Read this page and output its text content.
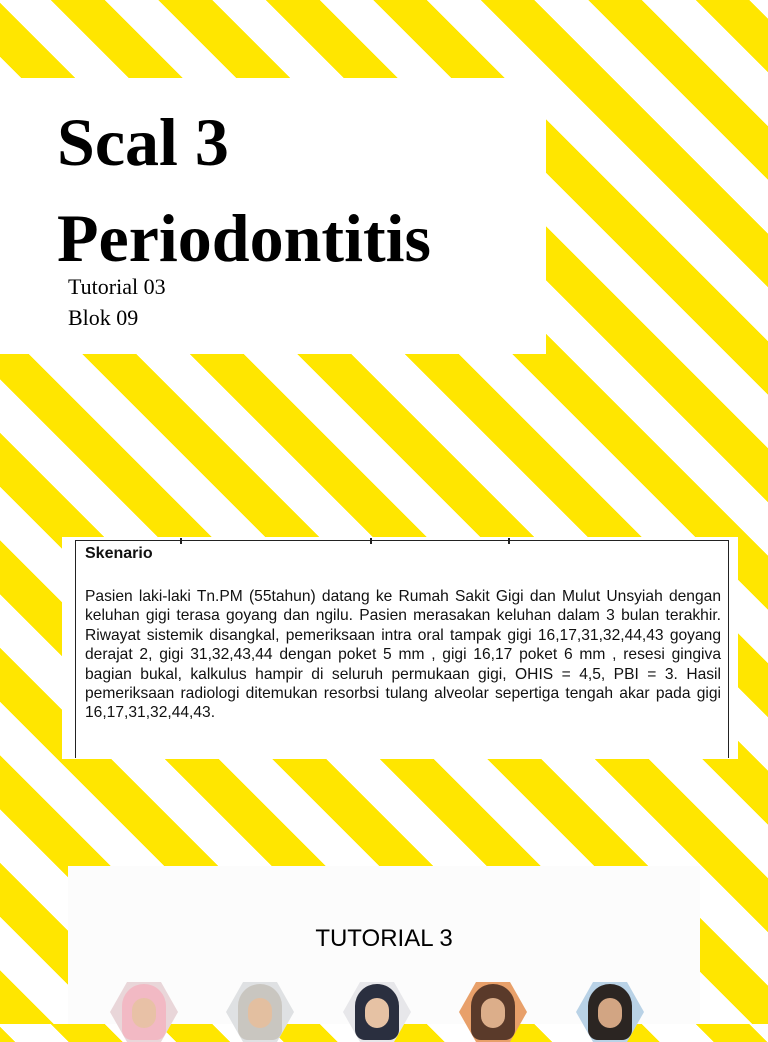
Scal 3
Periodontitis
Tutorial 03
Blok 09
Skenario

Pasien laki-laki Tn.PM (55tahun) datang ke Rumah Sakit Gigi dan Mulut Unsyiah dengan keluhan gigi terasa goyang dan ngilu. Pasien merasakan keluhan dalam 3 bulan terakhir. Riwayat sistemik disangkal, pemeriksaan intra oral tampak gigi 16,17,31,32,44,43 goyang derajat 2, gigi 31,32,43,44 dengan poket 5 mm , gigi 16,17 poket 6 mm , resesi gingiva bagian bukal, kalkulus hampir di seluruh permukaan gigi, OHIS = 4,5, PBI = 3. Hasil pemeriksaan radiologi ditemukan resorbsi tulang alveolar sepertiga tengah akar pada gigi 16,17,31,32,44,43.

TUTORIAL 3
